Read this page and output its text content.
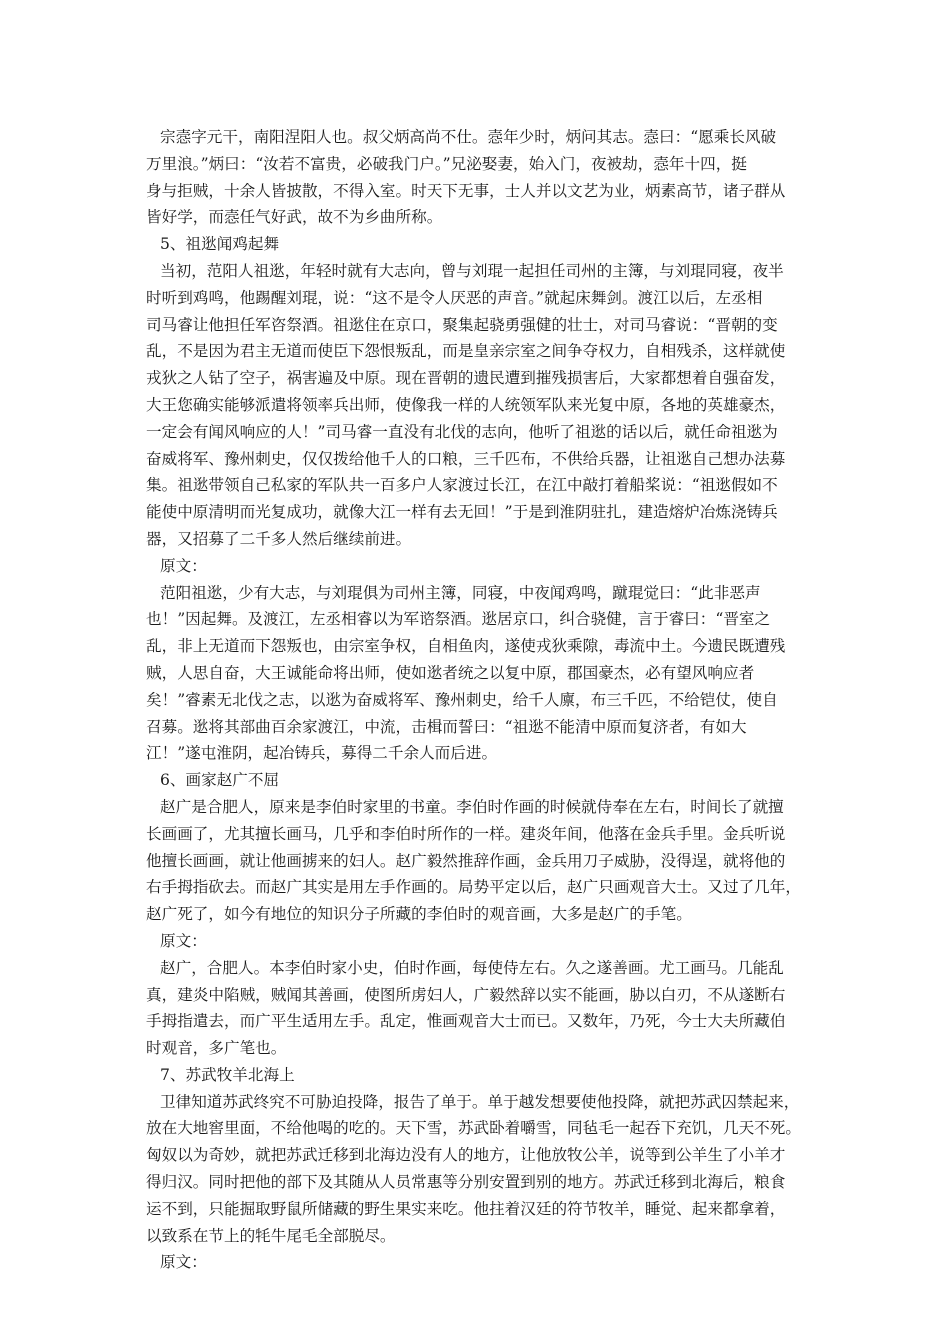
宗悫字元干，南阳涅阳人也。叔父炳高尚不仕。悫年少时，炳问其志。悫曰：“愿乘长风破
万里浪。”炳曰：“汝若不富贵，必破我门户。”兄泌娶妻，始入门，夜被劫，悫年十四，挺
身与拒贼，十余人皆披散，不得入室。时天下无事，士人并以文艺为业，炳素高节，诸子群从
皆好学，而悫任气好武，故不为乡曲所称。
5、祖逖闻鸡起舞
当初，范阳人祖逖，年轻时就有大志向，曾与刘琨一起担任司州的主簿，与刘琨同寝，夜半
时听到鸡鸣，他踢醒刘琨，说：“这不是令人厌恶的声音。”就起床舞剑。渡江以后，左丞相
司马睿让他担任军咨祭酒。祖逖住在京口，聚集起骁勇强健的壮士，对司马睿说：“晋朝的变
乱，不是因为君主无道而使臣下怨恨叛乱，而是皇亲宗室之间争夺权力，自相残杀，这样就使
戎狄之人钻了空子，祸害遍及中原。现在晋朝的遗民遭到摧残损害后，大家都想着自强奋发，
大王您确实能够派遣将领率兵出师，使像我一样的人统领军队来光复中原，各地的英雄豪杰，
一定会有闻风响应的人！”司马睿一直没有北伐的志向，他听了祖逖的话以后，就任命祖逖为
奋威将军、豫州刺史，仅仅拨给他千人的口粮，三千匹布，不供给兵器，让祖逖自己想办法募
集。祖逖带领自己私家的军队共一百多户人家渡过长江，在江中敲打着船桨说：“祖逖假如不
能使中原清明而光复成功，就像大江一样有去无回！”于是到淮阴驻扎，建造熔炉冶炼浇铸兵
器，又招募了二千多人然后继续前进。
原文：
范阳祖逖，少有大志，与刘琨俱为司州主簿，同寝，中夜闻鸡鸣，蹴琨觉曰：“此非恶声
也！”因起舞。及渡江，左丞相睿以为军谘祭酒。逖居京口，纠合骁健，言于睿曰：“晋室之
乱，非上无道而下怨叛也，由宗室争权，自相鱼肉，遂使戎狄乘隙，毒流中土。今遗民既遭残
贼，人思自奋，大王诚能命将出师，使如逖者统之以复中原，郡国豪杰，必有望风响应者
矣！”睿素无北伐之志，以逖为奋威将军、豫州刺史，给千人廪，布三千匹，不给铠仗，使自
召募。逖将其部曲百余家渡江，中流，击楫而誓曰：“祖逖不能清中原而复济者，有如大
江！”遂屯淮阴，起冶铸兵，募得二千余人而后进。
6、画家赵广不屈
赵广是合肥人，原来是李伯时家里的书童。李伯时作画的时候就侍奉在左右，时间长了就擅
长画画了，尤其擅长画马，几乎和李伯时所作的一样。建炎年间，他落在金兵手里。金兵听说
他擅长画画，就让他画掳来的妇人。赵广毅然推辞作画，金兵用刀子威胁，没得逞，就将他的
右手拇指砍去。而赵广其实是用左手作画的。局势平定以后，赵广只画观音大士。又过了几年，
赵广死了，如今有地位的知识分子所藏的李伯时的观音画，大多是赵广的手笔。
原文：
赵广，合肥人。本李伯时家小史，伯时作画，每使侍左右。久之遂善画。尤工画马。几能乱
真，建炎中陷贼，贼闻其善画，使图所虏妇人，广毅然辞以实不能画，胁以白刃，不从遂断右
手拇指遣去，而广平生适用左手。乱定，惟画观音大士而已。又数年，乃死，今士大夫所藏伯
时观音，多广笔也。
7、苏武牧羊北海上
卫律知道苏武终究不可胁迫投降，报告了单于。单于越发想要使他投降，就把苏武囚禁起来，
放在大地窖里面，不给他喝的吃的。天下雪，苏武卧着嚼雪，同毡毛一起吞下充饥，几天不死。
匈奴以为奇妙，就把苏武迁移到北海边没有人的地方，让他放牧公羊，说等到公羊生了小羊才
得归汉。同时把他的部下及其随从人员常惠等分别安置到别的地方。苏武迁移到北海后，粮食
运不到，只能掘取野鼠所储藏的野生果实来吃。他拄着汉廷的符节牧羊，睡觉、起来都拿着，
以致系在节上的牦牛尾毛全部脱尽。
原文：
